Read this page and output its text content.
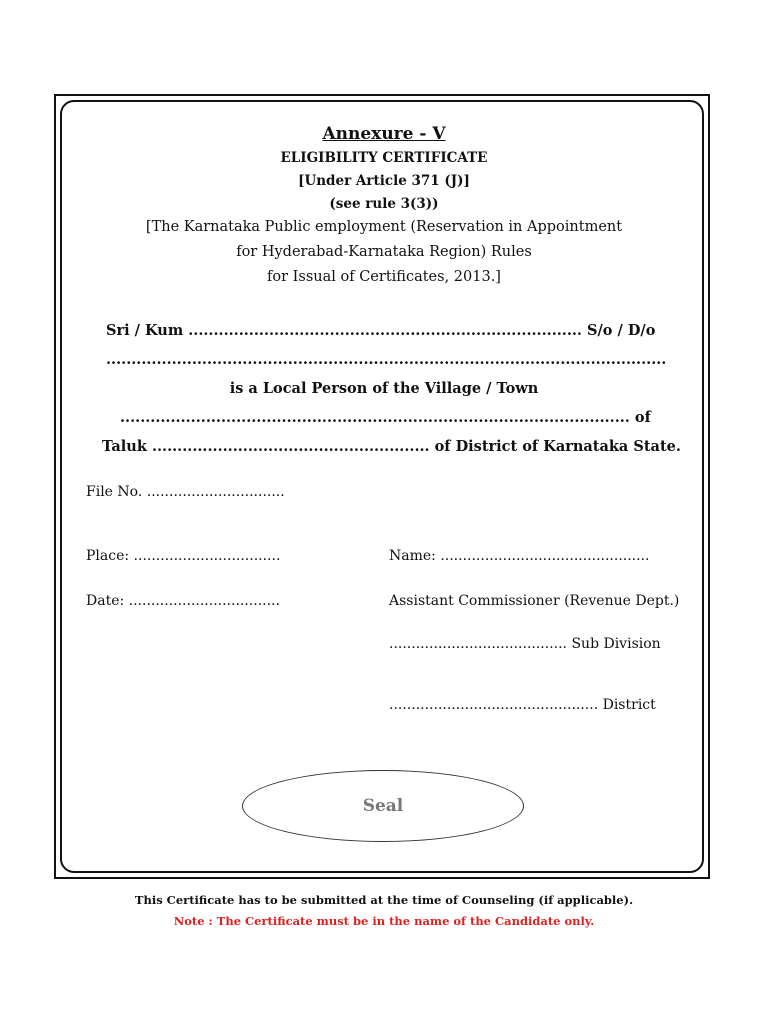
Annexure - V
ELIGIBILITY CERTIFICATE
[Under Article 371 (J)]
(see rule 3(3))
[The Karnataka Public employment (Reservation in Appointment
for Hyderabad-Karnataka Region) Rules
for Issual of Certificates, 2013.]
Sri / Kum .............................................................................. S/o / D/o
...............................................................................................................
is a Local Person of the Village / Town
..................................................................................................... of
Taluk ....................................................... of District of Karnataka State.
File No. ...............................
Place: .................................
Date: ..................................
Name: ...............................................
Assistant Commissioner (Revenue Dept.)
........................................ Sub Division
............................................... District
Seal
This Certificate has to be submitted at the time of Counseling (if applicable).
Note : The Certificate must be in the name of the Candidate only.
